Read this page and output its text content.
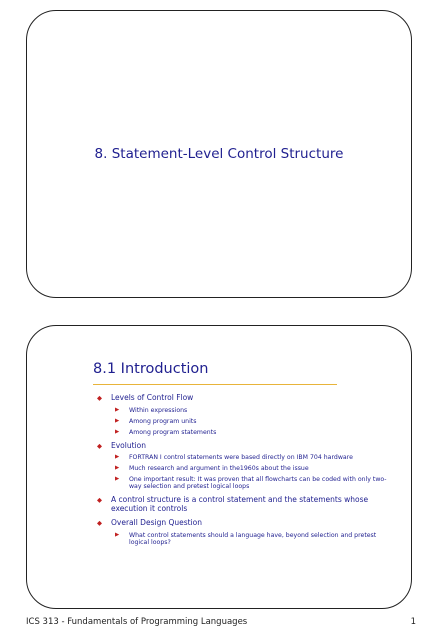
8. Statement-Level Control Structure
8.1 Introduction
◆ Levels of Control Flow
▶ Within expressions
▶ Among program units
▶ Among program statements
◆ Evolution
▶ FORTRAN I control statements were based directly on IBM 704 hardware
▶ Much research and argument in the1960s about the issue
▶ One important result: It was proven that all flowcharts can be coded with only two-way selection and pretest logical loops
◆ A control structure is a control statement and the statements whose execution it controls
◆ Overall Design Question
▶ What control statements should a language have, beyond selection and pretest logical loops?
ICS 313 - Fundamentals of Programming Languages	1
